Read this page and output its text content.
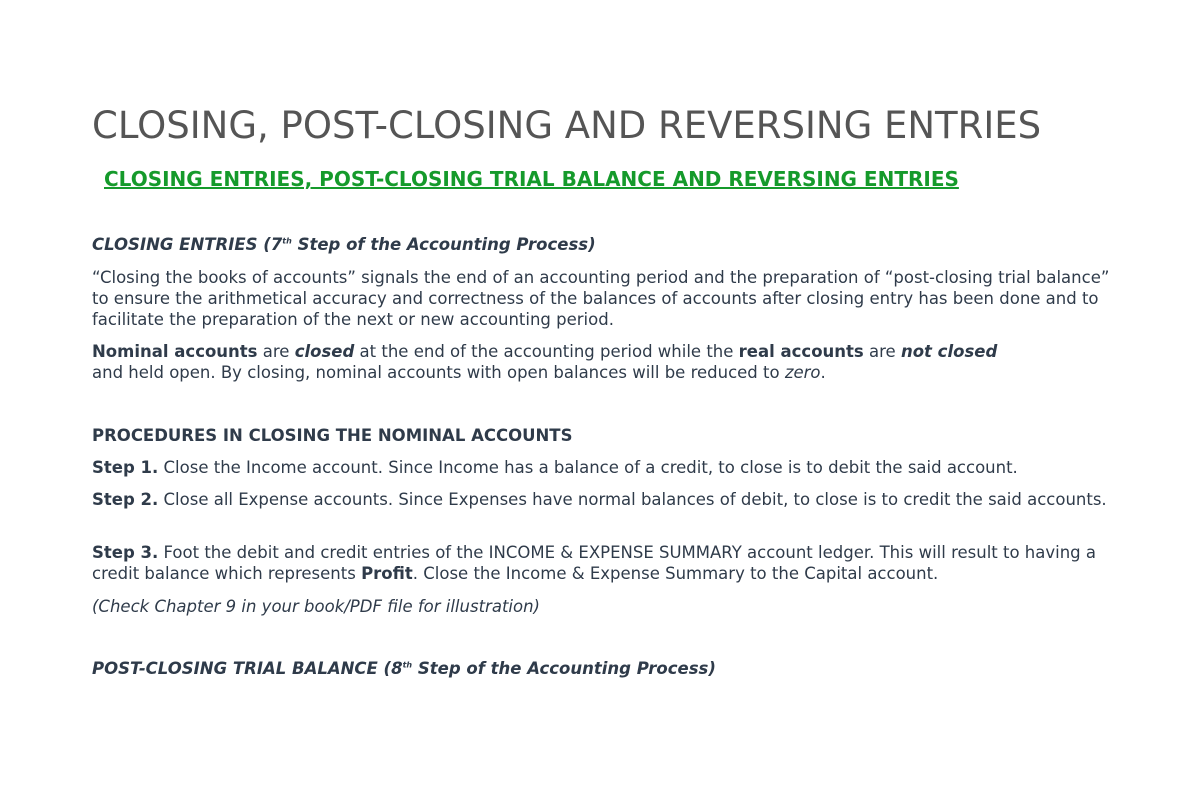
CLOSING, POST-CLOSING AND REVERSING ENTRIES
CLOSING ENTRIES, POST-CLOSING TRIAL BALANCE AND REVERSING ENTRIES
CLOSING ENTRIES (7th Step of the Accounting Process)
“Closing the books of accounts” signals the end of an accounting period and the preparation of “post-closing trial balance” to ensure the arithmetical accuracy and correctness of the balances of accounts after closing entry has been done and to facilitate the preparation of the next or new accounting period.
Nominal accounts are closed at the end of the accounting period while the real accounts are not closed and held open. By closing, nominal accounts with open balances will be reduced to zero.
PROCEDURES IN CLOSING THE NOMINAL ACCOUNTS
Step 1. Close the Income account. Since Income has a balance of a credit, to close is to debit the said account.
Step 2. Close all Expense accounts. Since Expenses have normal balances of debit, to close is to credit the said accounts.
Step 3. Foot the debit and credit entries of the INCOME & EXPENSE SUMMARY account ledger. This will result to having a credit balance which represents Profit. Close the Income & Expense Summary to the Capital account.
(Check Chapter 9 in your book/PDF file for illustration)
POST-CLOSING TRIAL BALANCE (8th Step of the Accounting Process)
